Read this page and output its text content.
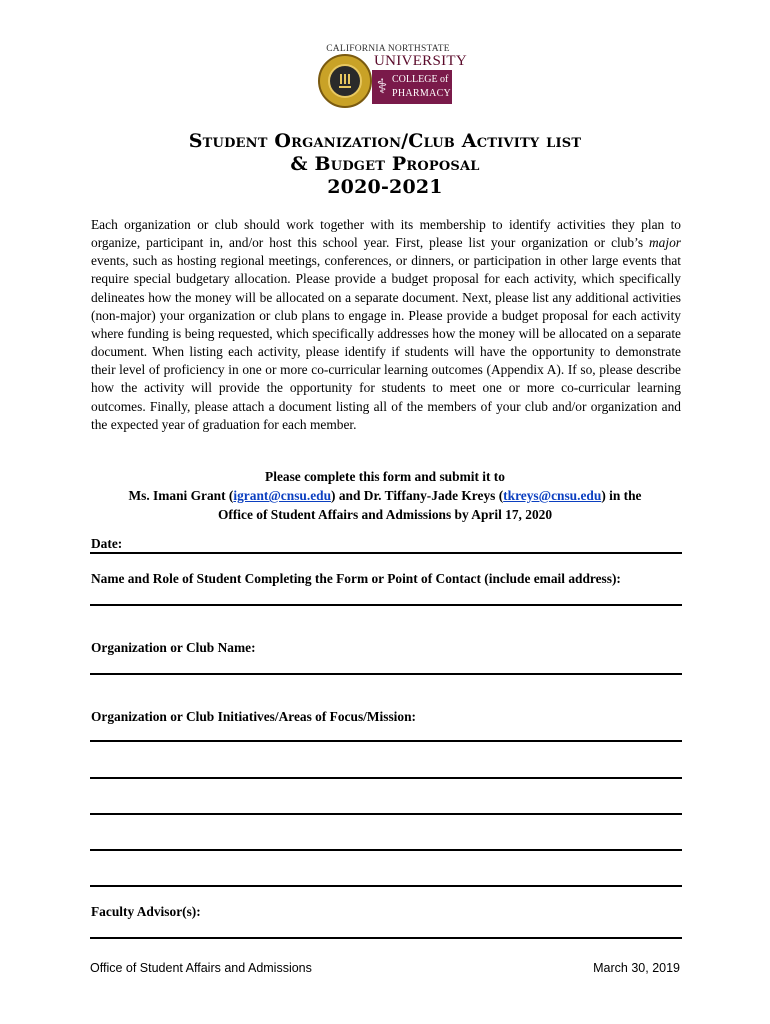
CALIFORNIA NORTHSTATE
UNIVERSITY
⚕ COLLEGE of
PHARMACY
Student Organization/Club Activity list
& Budget Proposal
2020-2021
Each organization or club should work together with its membership to identify activities they plan to organize, participant in, and/or host this school year. First, please list your organization or club’s major events, such as hosting regional meetings, conferences, or dinners, or participation in other large events that require special budgetary allocation. Please provide a budget proposal for each activity, which specifically delineates how the money will be allocated on a separate document. Next, please list any additional activities (non-major) your organization or club plans to engage in. Please provide a budget proposal for each activity where funding is being requested, which specifically addresses how the money will be allocated on a separate document. When listing each activity, please identify if students will have the opportunity to demonstrate their level of proficiency in one or more co-curricular learning outcomes (Appendix A). If so, please describe how the activity will provide the opportunity for students to meet one or more co-curricular learning outcomes. Finally, please attach a document listing all of the members of your club and/or organization and the expected year of graduation for each member.
Please complete this form and submit it to
Ms. Imani Grant (igrant@cnsu.edu) and Dr. Tiffany-Jade Kreys (tkreys@cnsu.edu) in the
Office of Student Affairs and Admissions by April 17, 2020
Date:
Name and Role of Student Completing the Form or Point of Contact (include email address):
Organization or Club Name:
Organization or Club Initiatives/Areas of Focus/Mission:
Faculty Advisor(s):
Office of Student Affairs and Admissions	March 30, 2019
